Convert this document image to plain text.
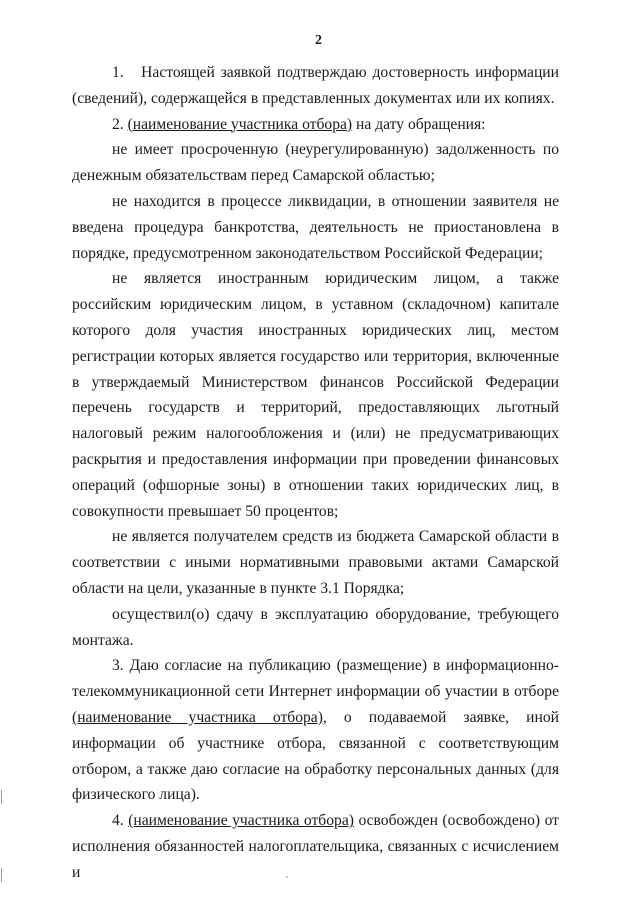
2

1.   Настоящей заявкой подтверждаю достоверность информации (сведений), содержащейся в представленных документах или их копиях.

2. (наименование участника отбора) на дату обращения:

не имеет просроченную (неурегулированную) задолженность по денежным обязательствам перед Самарской областью;

не находится в процессе ликвидации, в отношении заявителя не введена процедура банкротства, деятельность не приостановлена в порядке, предусмотренном законодательством Российской Федерации;

не является иностранным юридическим лицом, а также российским юридическим лицом, в уставном (складочном) капитале которого доля участия иностранных юридических лиц, местом регистрации которых является государство или территория, включенные в утверждаемый Министерством финансов Российской Федерации перечень государств и территорий, предоставляющих льготный налоговый режим налогообложения и (или) не предусматривающих раскрытия и предоставления информации при проведении финансовых операций (офшорные зоны) в отношении таких юридических лиц, в совокупности превышает 50 процентов;

не является получателем средств из бюджета Самарской области в соответствии с иными нормативными правовыми актами Самарской области на цели, указанные в пункте 3.1 Порядка;

осуществил(о) сдачу в эксплуатацию оборудование, требующего монтажа.

3. Даю согласие на публикацию (размещение) в информационно-телекоммуникационной сети Интернет информации об участии в отборе (наименование участника отбора), о подаваемой заявке, иной информации об участнике отбора, связанной с соответствующим отбором, а также даю согласие на обработку персональных данных (для физического лица).

4. (наименование участника отбора) освобожден (освобождено) от исполнения обязанностей налогоплательщика, связанных с исчислением и
